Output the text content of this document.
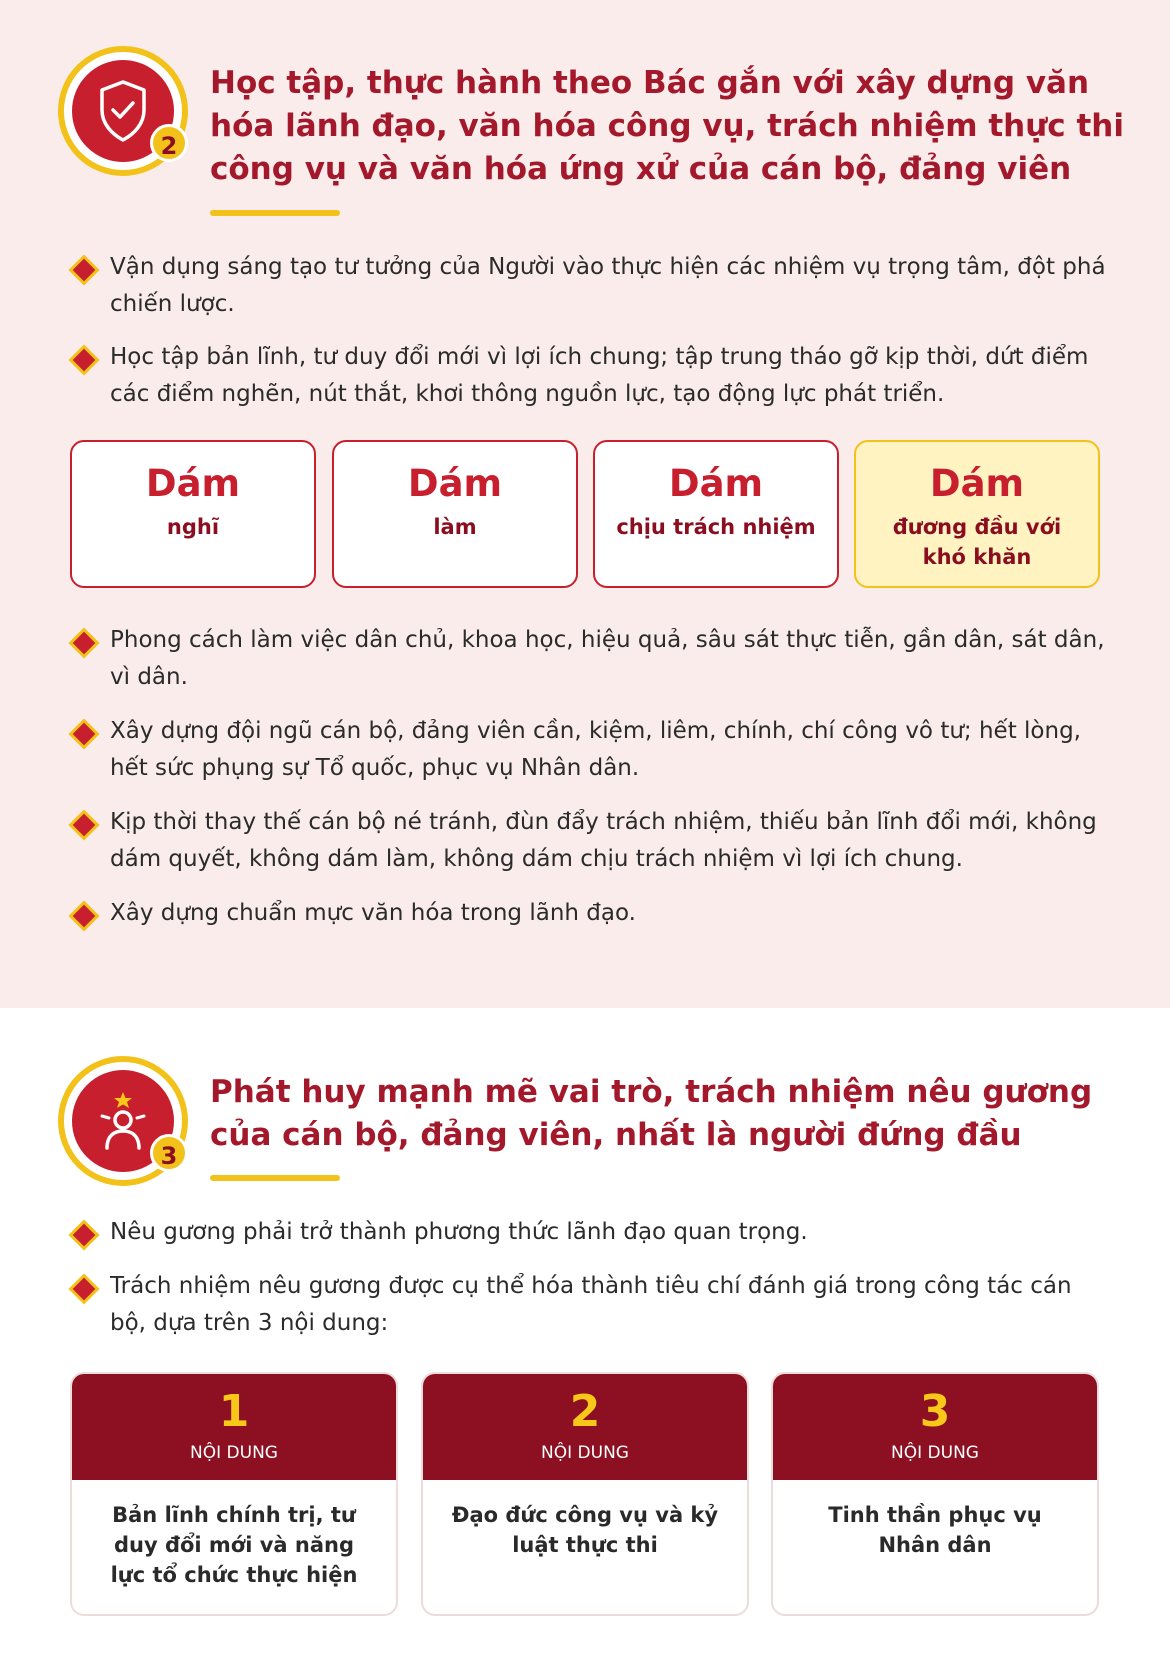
2
Học tập, thực hành theo Bác gắn với xây dựng văn hóa lãnh đạo, văn hóa công vụ, trách nhiệm thực thi công vụ và văn hóa ứng xử của cán bộ, đảng viên
Vận dụng sáng tạo tư tưởng của Người vào thực hiện các nhiệm vụ trọng tâm, đột phá chiến lược.
Học tập bản lĩnh, tư duy đổi mới vì lợi ích chung; tập trung tháo gỡ kịp thời, dứt điểm các điểm nghẽn, nút thắt, khơi thông nguồn lực, tạo động lực phát triển.
Dám
nghĩ
Dám
làm
Dám
chịu trách nhiệm
Dám
đương đầu với khó khăn
Phong cách làm việc dân chủ, khoa học, hiệu quả, sâu sát thực tiễn, gần dân, sát dân, vì dân.
Xây dựng đội ngũ cán bộ, đảng viên cần, kiệm, liêm, chính, chí công vô tư; hết lòng, hết sức phụng sự Tổ quốc, phục vụ Nhân dân.
Kịp thời thay thế cán bộ né tránh, đùn đẩy trách nhiệm, thiếu bản lĩnh đổi mới, không dám quyết, không dám làm, không dám chịu trách nhiệm vì lợi ích chung.
Xây dựng chuẩn mực văn hóa trong lãnh đạo.
3
Phát huy mạnh mẽ vai trò, trách nhiệm nêu gương của cán bộ, đảng viên, nhất là người đứng đầu
Nêu gương phải trở thành phương thức lãnh đạo quan trọng.
Trách nhiệm nêu gương được cụ thể hóa thành tiêu chí đánh giá trong công tác cán bộ, dựa trên 3 nội dung:
1
NỘI DUNG
Bản lĩnh chính trị, tư duy đổi mới và năng lực tổ chức thực hiện
2
NỘI DUNG
Đạo đức công vụ và kỷ luật thực thi
3
NỘI DUNG
Tinh thần phục vụ Nhân dân
